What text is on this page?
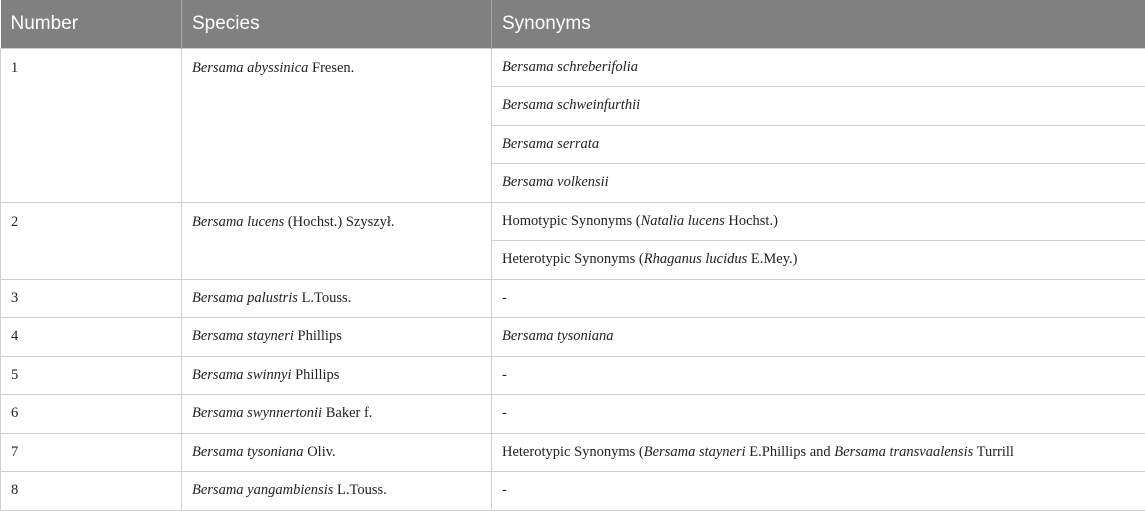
Number	Species	Synonyms
1	Bersama abyssinica Fresen.	Bersama schreberifolia
		Bersama schweinfurthii
		Bersama serrata
		Bersama volkensii
2	Bersama lucens (Hochst.) Szyszył.	Homotypic Synonyms (Natalia lucens Hochst.)
		Heterotypic Synonyms (Rhaganus lucidus E.Mey.)
3	Bersama palustris L.Touss.	-
4	Bersama stayneri Phillips	Bersama tysoniana
5	Bersama swinnyi Phillips	-
6	Bersama swynnertonii Baker f.	-
7	Bersama tysoniana Oliv.	Heterotypic Synonyms (Bersama stayneri E.Phillips and Bersama transvaalensis Turrill
8	Bersama yangambiensis L.Touss.	-
